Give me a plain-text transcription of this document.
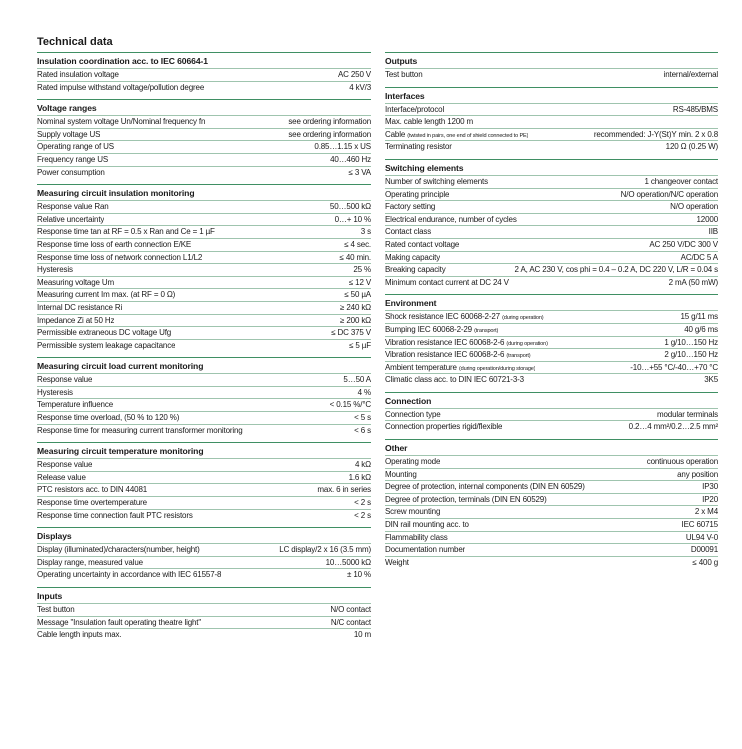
Technical data
Insulation coordination acc. to IEC 60664-1
Rated insulation voltage	AC 250 V
Rated impulse withstand voltage/pollution degree	4 kV/3
Voltage ranges
Nominal system voltage Un/Nominal frequency fn	see ordering information
Supply voltage US	see ordering information
Operating range of US	0.85…1.15 x US
Frequency range US	40…460 Hz
Power consumption	≤ 3 VA
Measuring circuit insulation monitoring
Response value Ran	50…500 kΩ
Relative uncertainty	0…+ 10 %
Response time tan at RF = 0.5 x Ran and Ce = 1 µF	3 s
Response time loss of earth connection E/KE	≤ 4 sec.
Response time loss of network connection L1/L2	≤ 40 min.
Hysteresis	25 %
Measuring voltage Um	≤ 12 V
Measuring current Im max. (at RF = 0 Ω)	≤ 50 µA
Internal DC resistance Ri	≥ 240 kΩ
Impedance Zi at 50 Hz	≥ 200 kΩ
Permissible extraneous DC voltage Ufg	≤ DC 375 V
Permissible system leakage capacitance	≤ 5 µF
Measuring circuit load current monitoring
Response value	5…50 A
Hysteresis	4 %
Temperature influence	< 0.15 %/°C
Response time overload, (50 % to 120 %)	< 5 s
Response time for measuring current transformer monitoring	< 6 s
Measuring circuit temperature monitoring
Response value	4 kΩ
Release value	1.6 kΩ
PTC resistors acc. to DIN 44081	max. 6 in series
Response time overtemperature	< 2 s
Response time connection fault PTC resistors	< 2 s
Displays
Display (illuminated)/characters(number, height)	LC display/2 x 16 (3.5 mm)
Display range, measured value	10…5000 kΩ
Operating uncertainty in accordance with IEC 61557-8	± 10 %
Inputs
Test button	N/O contact
Message "Insulation fault operating theatre light"	N/C contact
Cable length inputs max.	10 m
Outputs
Test button	internal/external
Interfaces
Interface/protocol	RS-485/BMS
Max. cable length 1200 m
Cable (twisted in pairs, one end of shield connected to PE)	recommended: J-Y(St)Y min. 2 x 0.8
Terminating resistor	120 Ω (0.25 W)
Switching elements
Number of switching elements	1 changeover contact
Operating principle	N/O operation/N/C operation
Factory setting	N/O operation
Electrical endurance, number of cycles	12000
Contact class	IIB
Rated contact voltage	AC 250 V/DC 300 V
Making capacity	AC/DC 5 A
Breaking capacity	2 A, AC 230 V, cos phi = 0.4 – 0.2 A, DC 220 V, L/R = 0.04 s
Minimum contact current at DC 24 V	2 mA (50 mW)
Environment
Shock resistance IEC 60068-2-27 (during operation)	15 g/11 ms
Bumping IEC 60068-2-29 (transport)	40 g/6 ms
Vibration resistance IEC 60068-2-6 (during operation)	1 g/10…150 Hz
Vibration resistance IEC 60068-2-6 (transport)	2 g/10…150 Hz
Ambient temperature (during operation/during storage)	-10…+55 °C/-40…+70 °C
Climatic class acc. to DIN IEC 60721-3-3	3K5
Connection
Connection type	modular terminals
Connection properties rigid/flexible	0.2…4 mm²/0.2…2.5 mm²
Other
Operating mode	continuous operation
Mounting	any position
Degree of protection, internal components (DIN EN 60529)	IP30
Degree of protection, terminals (DIN EN 60529)	IP20
Screw mounting	2 x M4
DIN rail mounting acc. to	IEC 60715
Flammability class	UL94 V-0
Documentation number	D00091
Weight	≤ 400 g
